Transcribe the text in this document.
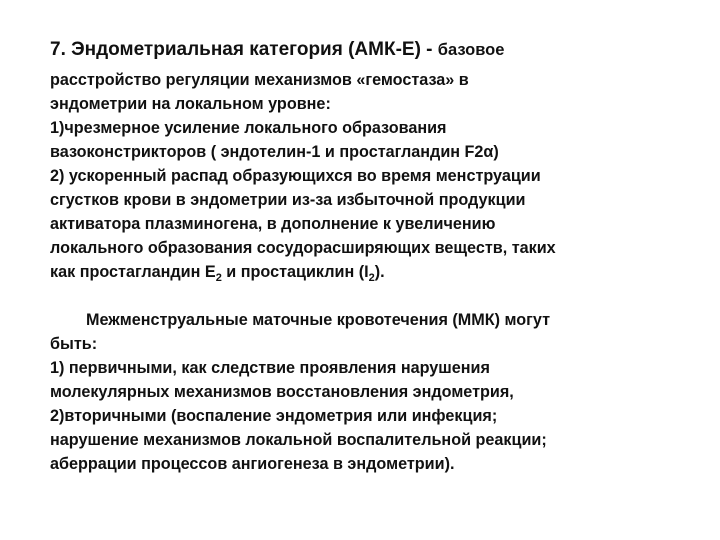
7. Эндометриальная категория (АМК-Е) - базовое
расстройство регуляции механизмов «гемостаза» в
эндометрии на локальном уровне:
1)чрезмерное усиление локального образования
вазоконстрикторов ( эндотелин-1 и простагландин F2α)
2) ускоренный распад образующихся во время менструации
сгустков крови в эндометрии из-за избыточной продукции
активатора плазминогена, в дополнение к увеличению
локального образования сосудорасширяющих веществ, таких
как простагландин $Е_2$ и простациклин $(I_2)$.
Межменструальные маточные кровотечения (ММК) могут
быть:
1) первичными, как следствие проявления нарушения
молекулярных механизмов восстановления эндометрия,
2)вторичными (воспаление эндометрия или инфекция;
нарушение механизмов локальной воспалительной реакции;
аберрации процессов ангиогенеза в эндометрии).
